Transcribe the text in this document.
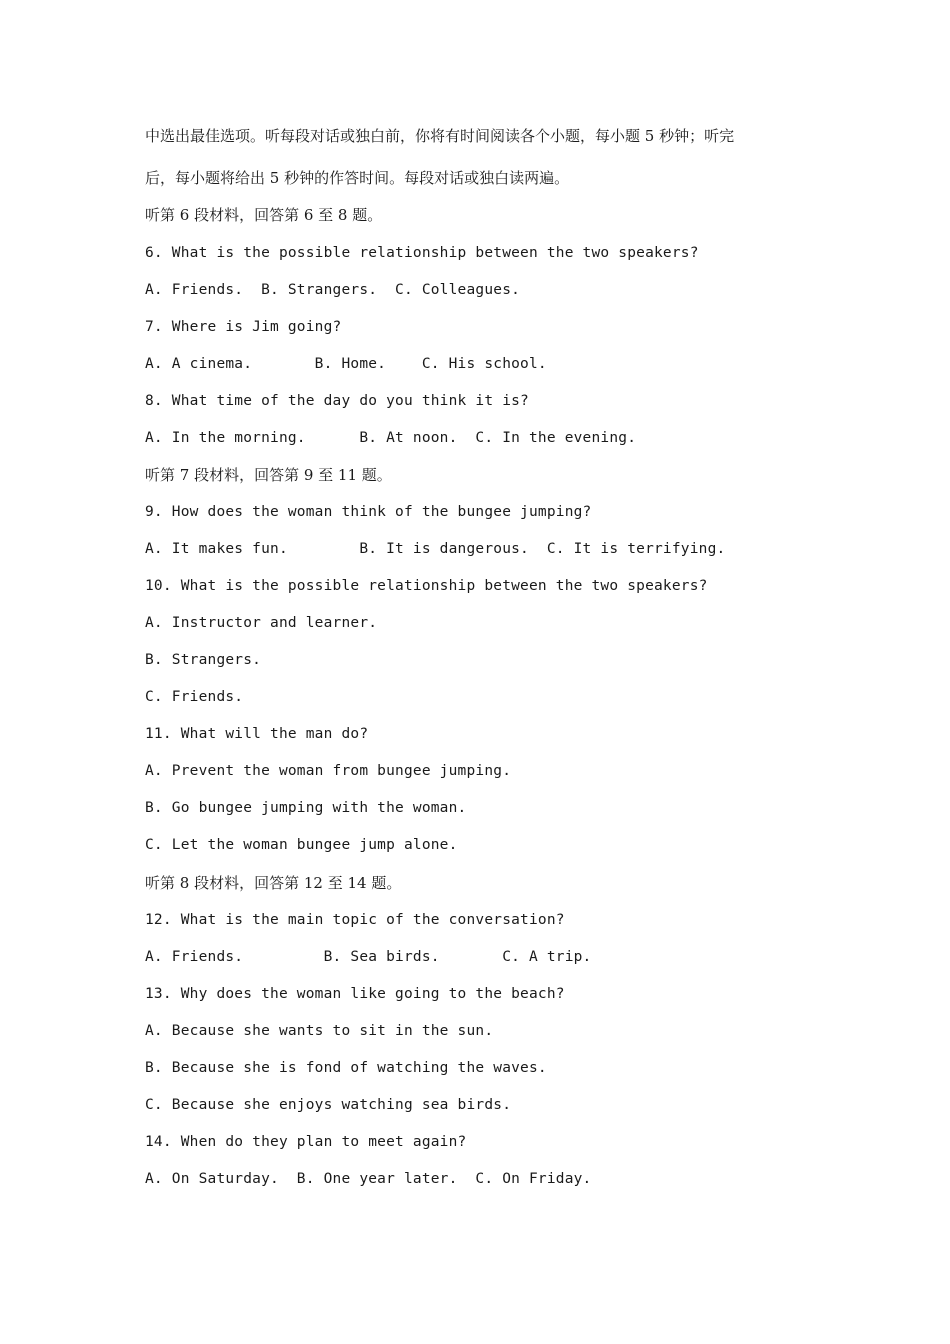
中选出最佳选项。听每段对话或独白前，你将有时间阅读各个小题，每小题 5 秒钟；听完
后，每小题将给出 5 秒钟的作答时间。每段对话或独白读两遍。
听第 6 段材料，回答第 6 至 8 题。
6. What is the possible relationship between the two speakers?
A. Friends.  B. Strangers.  C. Colleagues.
7. Where is Jim going?
A. A cinema.       B. Home.    C. His school.
8. What time of the day do you think it is?
A. In the morning.      B. At noon.  C. In the evening.
听第 7 段材料，回答第 9 至 11 题。
9. How does the woman think of the bungee jumping?
A. It makes fun.        B. It is dangerous.  C. It is terrifying.
10. What is the possible relationship between the two speakers?
A. Instructor and learner.
B. Strangers.
C. Friends.
11. What will the man do?
A. Prevent the woman from bungee jumping.
B. Go bungee jumping with the woman.
C. Let the woman bungee jump alone.
听第 8 段材料，回答第 12 至 14 题。
12. What is the main topic of the conversation?
A. Friends.         B. Sea birds.       C. A trip.
13. Why does the woman like going to the beach?
A. Because she wants to sit in the sun.
B. Because she is fond of watching the waves.
C. Because she enjoys watching sea birds.
14. When do they plan to meet again?
A. On Saturday.  B. One year later.  C. On Friday.
